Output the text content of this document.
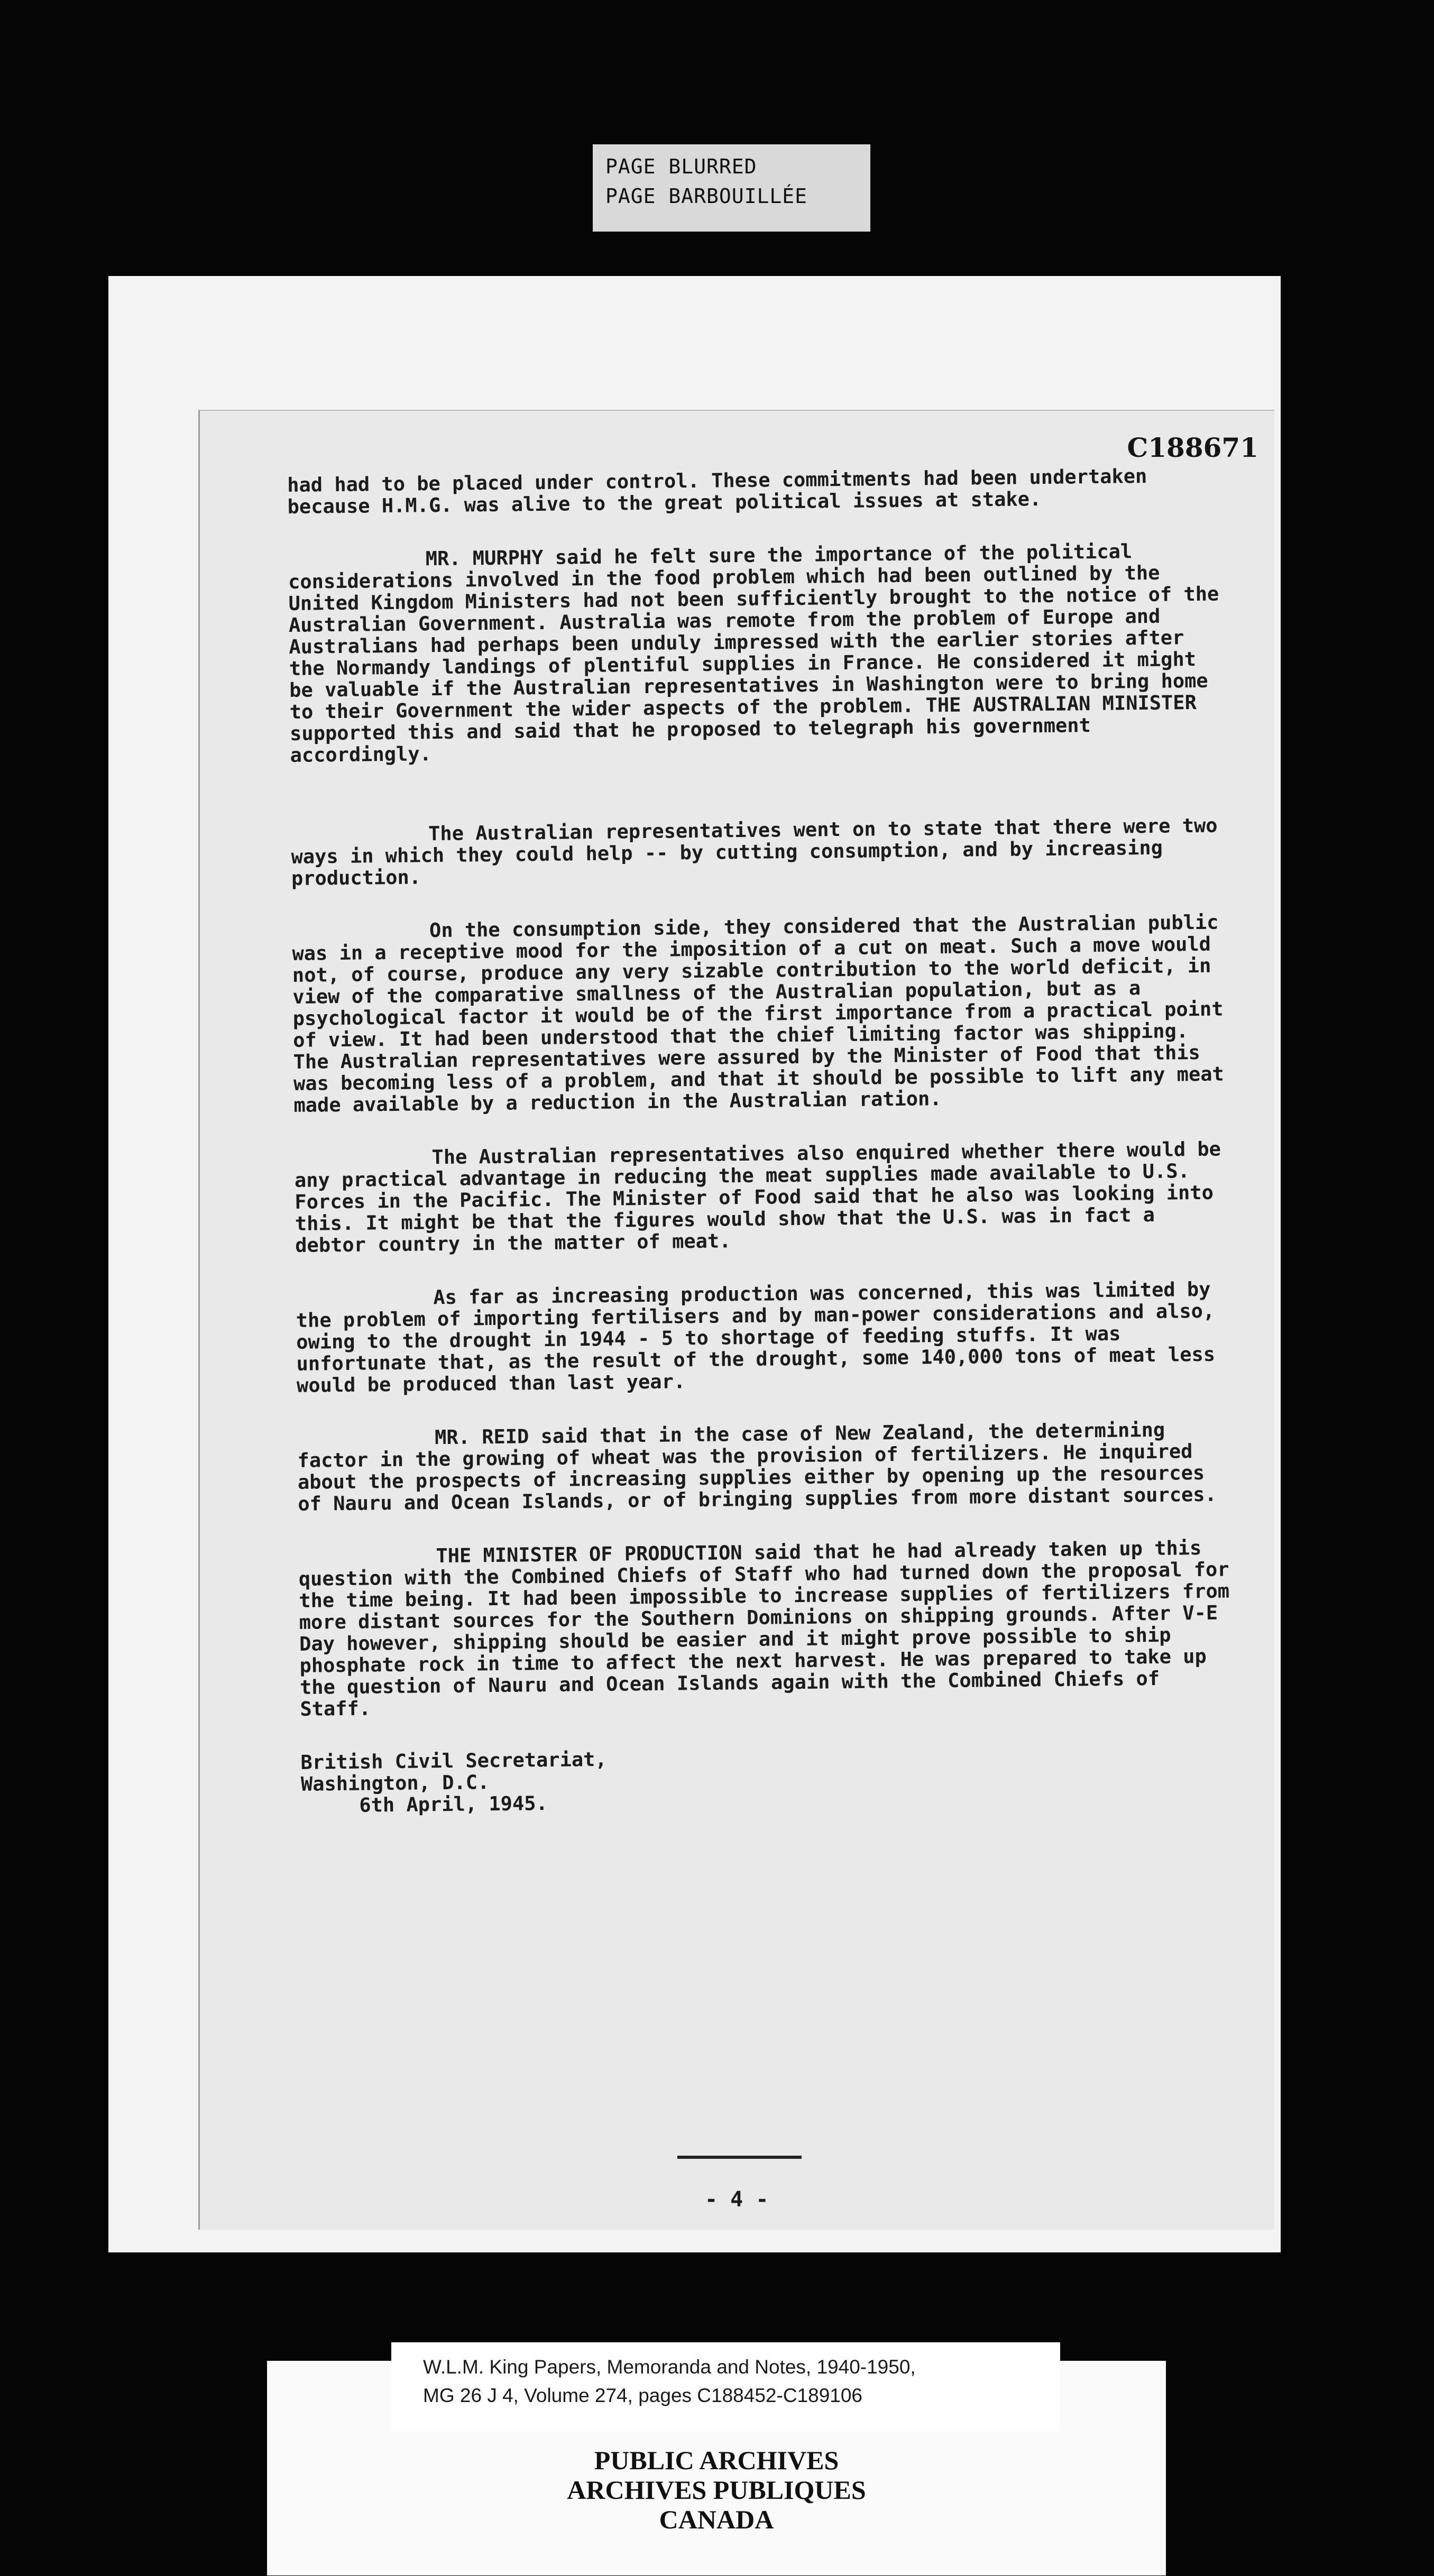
PAGE BLURRED
PAGE BARBOUILLÉE
C188671

had had to be placed under control. These commitments had been undertaken because H.M.G. was alive to the great political issues at stake.

MR. MURPHY said he felt sure the importance of the political considerations involved in the food problem which had been outlined by the United Kingdom Ministers had not been sufficiently brought to the notice of the Australian Government. Australia was remote from the problem of Europe and Australians had perhaps been unduly impressed with the earlier stories after the Normandy landings of plentiful supplies in France. He considered it might be valuable if the Australian representatives in Washington were to bring home to their Government the wider aspects of the problem. THE AUSTRALIAN MINISTER supported this and said that he proposed to telegraph his government accordingly.

The Australian representatives went on to state that there were two ways in which they could help -- by cutting consumption, and by increasing production.

On the consumption side, they considered that the Australian public was in a receptive mood for the imposition of a cut on meat. Such a move would not, of course, produce any very sizable contribution to the world deficit, in view of the comparative smallness of the Australian population, but as a psychological factor it would be of the first importance from a practical point of view. It had been understood that the chief limiting factor was shipping. The Australian representatives were assured by the Minister of Food that this was becoming less of a problem, and that it should be possible to lift any meat made available by a reduction in the Australian ration.

The Australian representatives also enquired whether there would be any practical advantage in reducing the meat supplies made available to U.S. Forces in the Pacific. The Minister of Food said that he also was looking into this. It might be that the figures would show that the U.S. was in fact a debtor country in the matter of meat.

As far as increasing production was concerned, this was limited by the problem of importing fertilisers and by man-power considerations and also, owing to the drought in 1944 - 5 to shortage of feeding stuffs. It was unfortunate that, as the result of the drought, some 140,000 tons of meat less would be produced than last year.

MR. REID said that in the case of New Zealand, the determining factor in the growing of wheat was the provision of fertilizers. He inquired about the prospects of increasing supplies either by opening up the resources of Nauru and Ocean Islands, or of bringing supplies from more distant sources.

THE MINISTER OF PRODUCTION said that he had already taken up this question with the Combined Chiefs of Staff who had turned down the proposal for the time being. It had been impossible to increase supplies of fertilizers from more distant sources for the Southern Dominions on shipping grounds. After V-E Day however, shipping should be easier and it might prove possible to ship phosphate rock in time to affect the next harvest. He was prepared to take up the question of Nauru and Ocean Islands again with the Combined Chiefs of Staff.

British Civil Secretariat,
Washington, D.C.
6th April, 1945.
- 4 -
W.L.M. King Papers, Memoranda and Notes, 1940-1950,
MG 26 J 4, Volume 274, pages C188452-C189106
PUBLIC ARCHIVES
ARCHIVES PUBLIQUES
CANADA
